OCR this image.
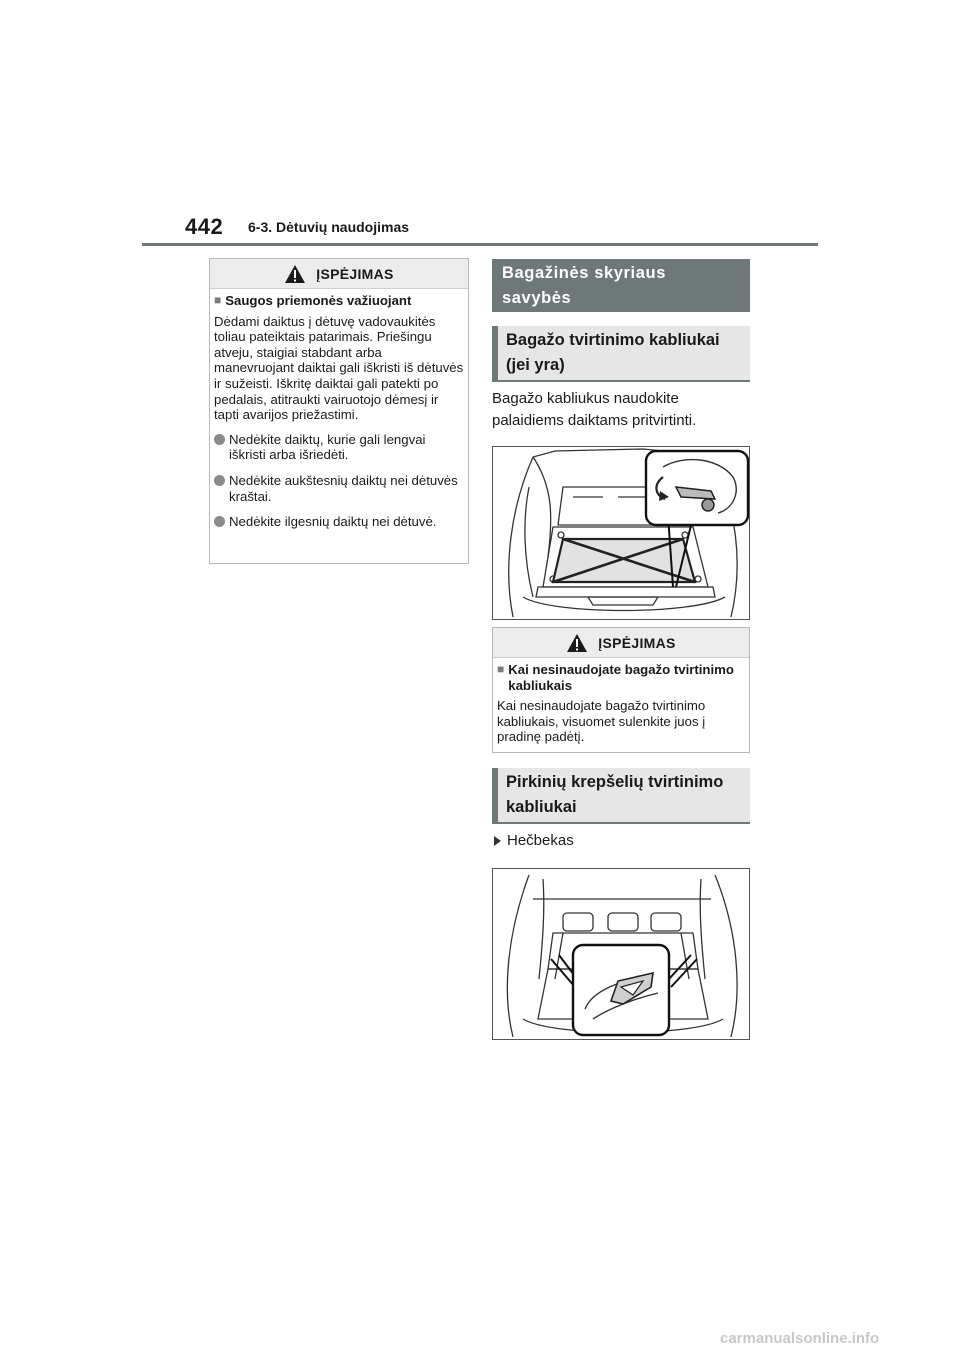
442 6-3. Dėtuvių naudojimas
ĮSPĖJIMAS
■ Saugos priemonės važiuojant
Dėdami daiktus į dėtuvę vadovaukitės toliau pateiktais patarimais. Priešingu atveju, staigiai stabdant arba manevruojant daiktai gali iškristi iš dėtuvės ir sužeisti. Iškritę daiktai gali patekti po pedalais, atitraukti vairuotojo dėmesį ir tapti avarijos priežastimi.
Nedėkite daiktų, kurie gali lengvai iškristi arba išriedėti.
Nedėkite aukštesnių daiktų nei dėtuvės kraštai.
Nedėkite ilgesnių daiktų nei dėtuvė.
Bagažinės skyriaus savybės
Bagažo tvirtinimo kabliukai (jei yra)
Bagažo kabliukus naudokite palaidiems daiktams pritvirtinti.
ĮSPĖJIMAS
■ Kai nesinaudojate bagažo tvirtinimo kabliukais
Kai nesinaudojate bagažo tvirtinimo kabliukais, visuomet sulenkite juos į pradinę padėtį.
Pirkinių krepšelių tvirtinimo kabliukai
Hečbekas
carmanualsonline.info
